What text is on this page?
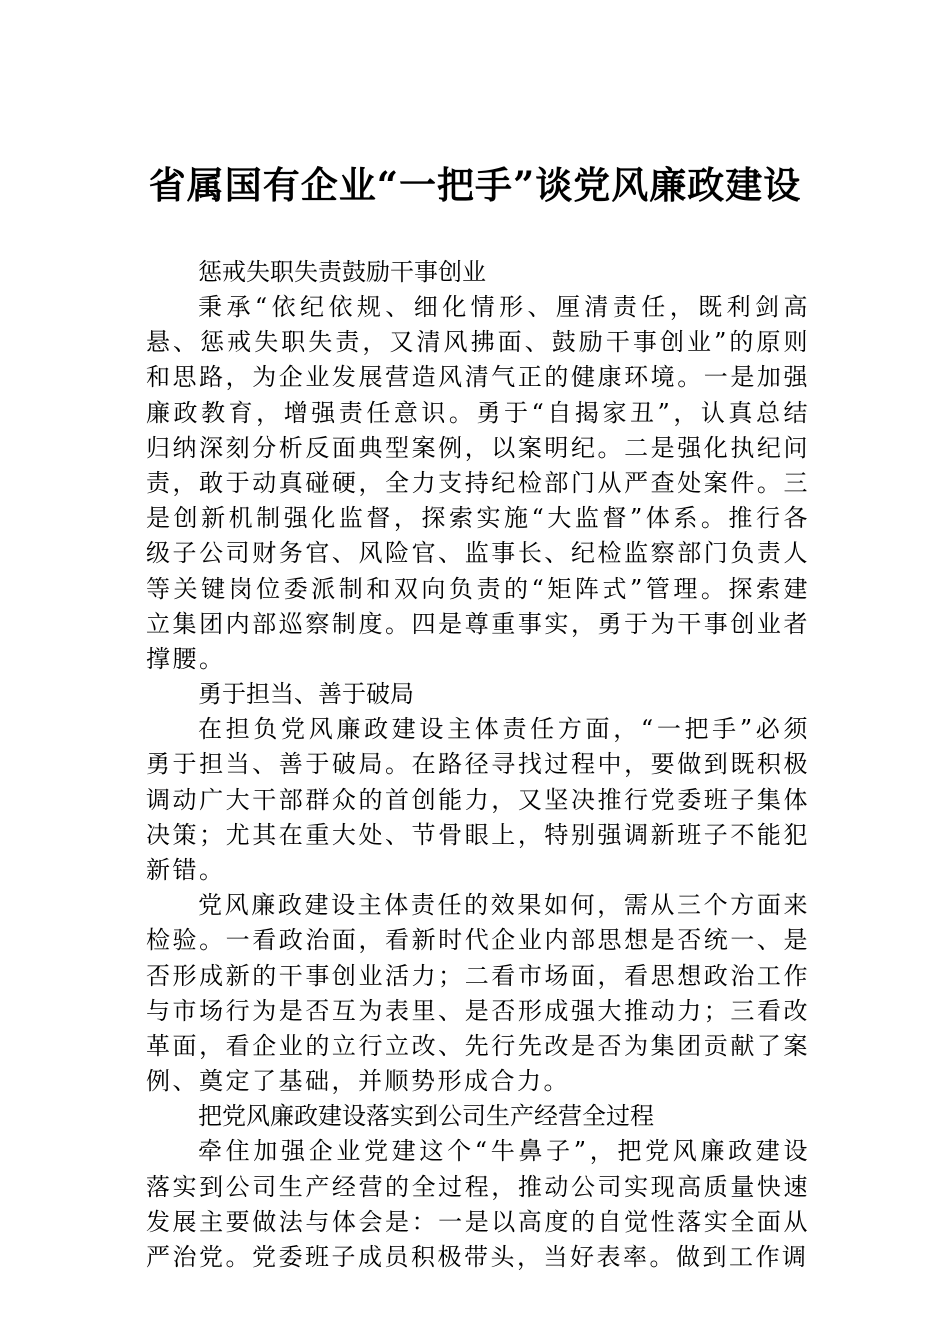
省属国有企业“一把手”谈党风廉政建设

惩戒失职失责鼓励干事创业

秉承“依纪依规、细化情形、厘清责任，既利剑高悬、惩戒失职失责，又清风拂面、鼓励干事创业”的原则和思路，为企业发展营造风清气正的健康环境。一是加强廉政教育，增强责任意识。勇于“自揭家丑”，认真总结归纳深刻分析反面典型案例，以案明纪。二是强化执纪问责，敢于动真碰硬，全力支持纪检部门从严查处案件。三是创新机制强化监督，探索实施“大监督”体系。推行各级子公司财务官、风险官、监事长、纪检监察部门负责人等关键岗位委派制和双向负责的“矩阵式”管理。探索建立集团内部巡察制度。四是尊重事实，勇于为干事创业者撑腰。

勇于担当、善于破局

在担负党风廉政建设主体责任方面，“一把手”必须勇于担当、善于破局。在路径寻找过程中，要做到既积极调动广大干部群众的首创能力，又坚决推行党委班子集体决策；尤其在重大处、节骨眼上，特别强调新班子不能犯新错。

党风廉政建设主体责任的效果如何，需从三个方面来检验。一看政治面，看新时代企业内部思想是否统一、是否形成新的干事创业活力；二看市场面，看思想政治工作与市场行为是否互为表里、是否形成强大推动力；三看改革面，看企业的立行立改、先行先改是否为集团贡献了案例、奠定了基础，并顺势形成合力。

把党风廉政建设落实到公司生产经营全过程

牵住加强企业党建这个“牛鼻子”，把党风廉政建设落实到公司生产经营的全过程，推动公司实现高质量快速发展主要做法与体会是：一是以高度的自觉性落实全面从严治党。党委班子成员积极带头，当好表率。做到工作调
